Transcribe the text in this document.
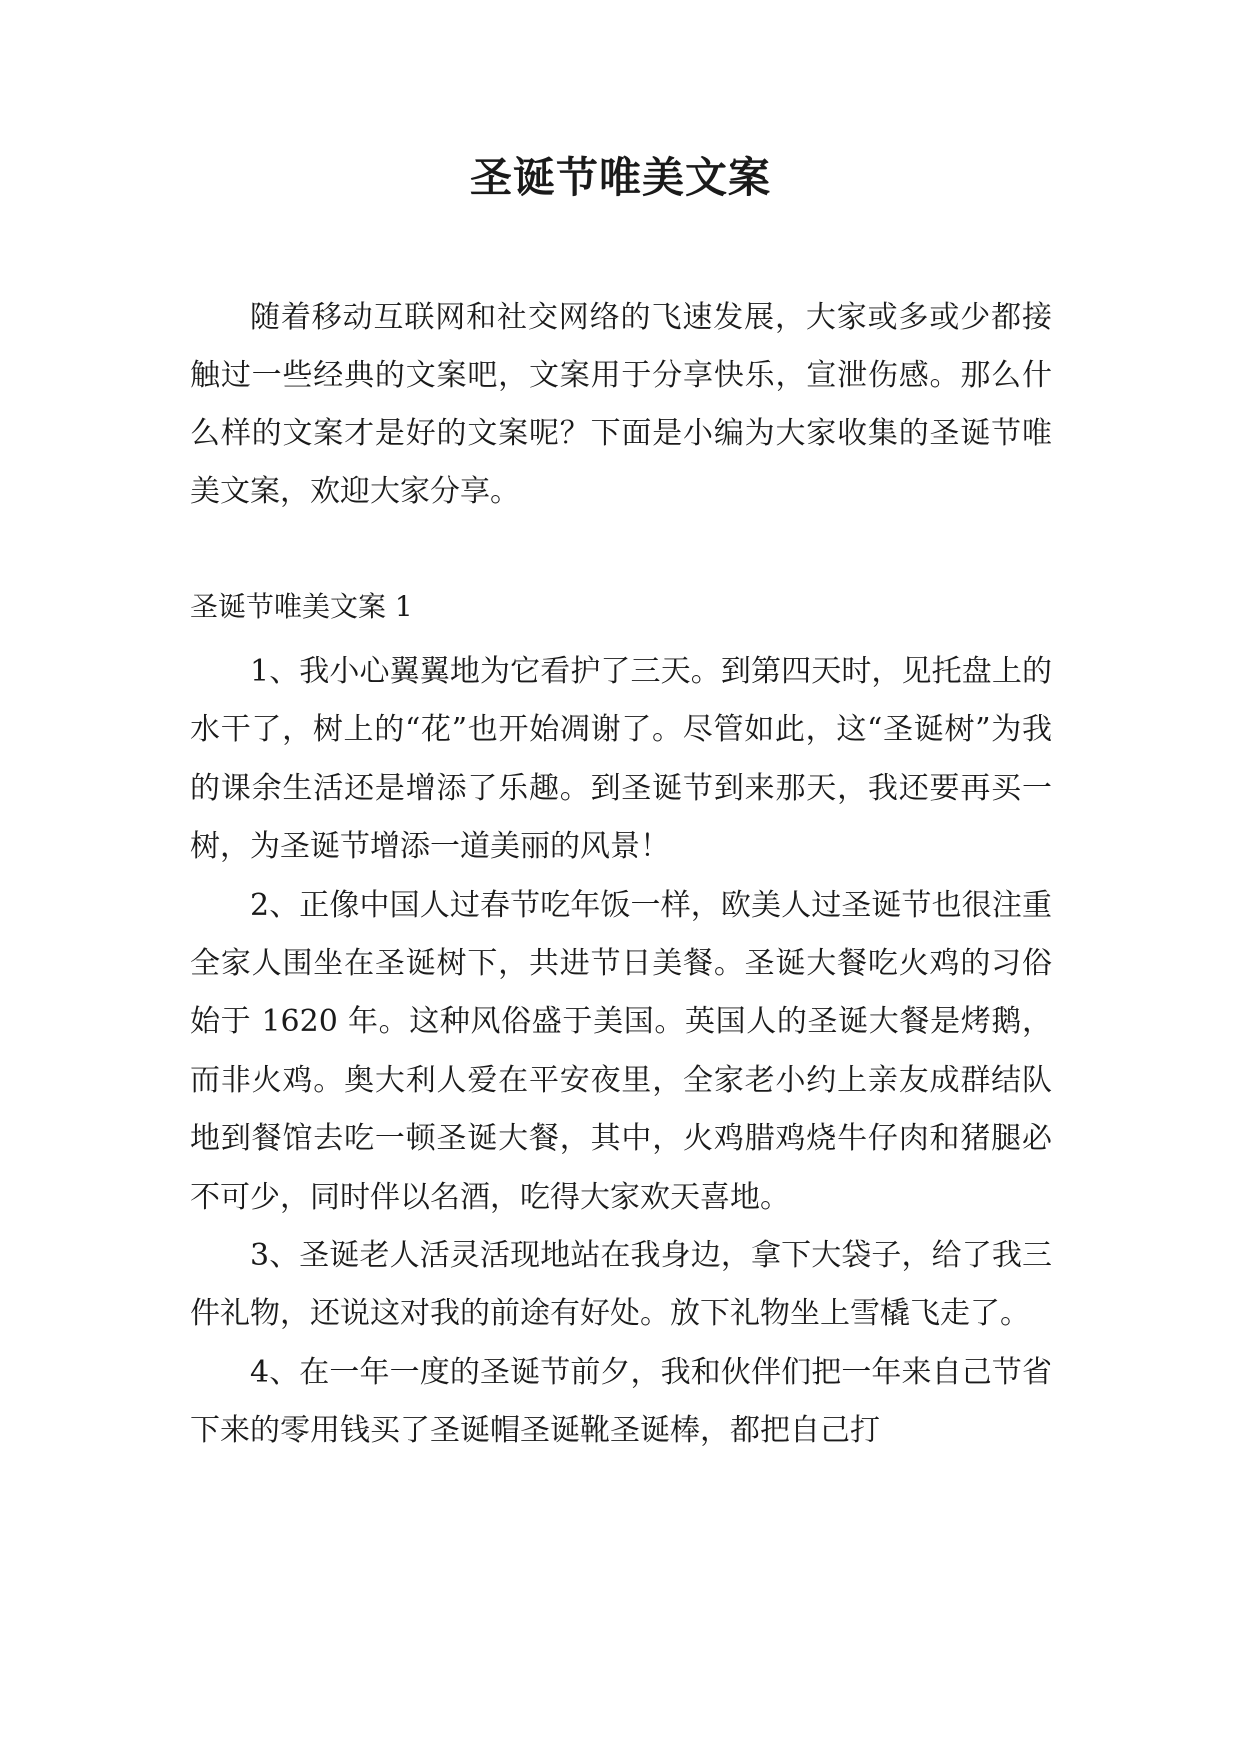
圣诞节唯美文案

随着移动互联网和社交网络的飞速发展，大家或多或少都接触过一些经典的文案吧，文案用于分享快乐，宣泄伤感。那么什么样的文案才是好的文案呢？下面是小编为大家收集的圣诞节唯美文案，欢迎大家分享。

圣诞节唯美文案 1

1、我小心翼翼地为它看护了三天。到第四天时，见托盘上的水干了，树上的“花”也开始凋谢了。尽管如此，这“圣诞树”为我的课余生活还是增添了乐趣。到圣诞节到来那天，我还要再买一树，为圣诞节增添一道美丽的风景！

2、正像中国人过春节吃年饭一样，欧美人过圣诞节也很注重全家人围坐在圣诞树下，共进节日美餐。圣诞大餐吃火鸡的习俗始于 1620 年。这种风俗盛于美国。英国人的圣诞大餐是烤鹅，而非火鸡。奥大利人爱在平安夜里，全家老小约上亲友成群结队地到餐馆去吃一顿圣诞大餐，其中，火鸡腊鸡烧牛仔肉和猪腿必不可少，同时伴以名酒，吃得大家欢天喜地。

3、圣诞老人活灵活现地站在我身边，拿下大袋子，给了我三件礼物，还说这对我的前途有好处。放下礼物坐上雪橇飞走了。

4、在一年一度的圣诞节前夕，我和伙伴们把一年来自己节省下来的零用钱买了圣诞帽圣诞靴圣诞棒，都把自己打
